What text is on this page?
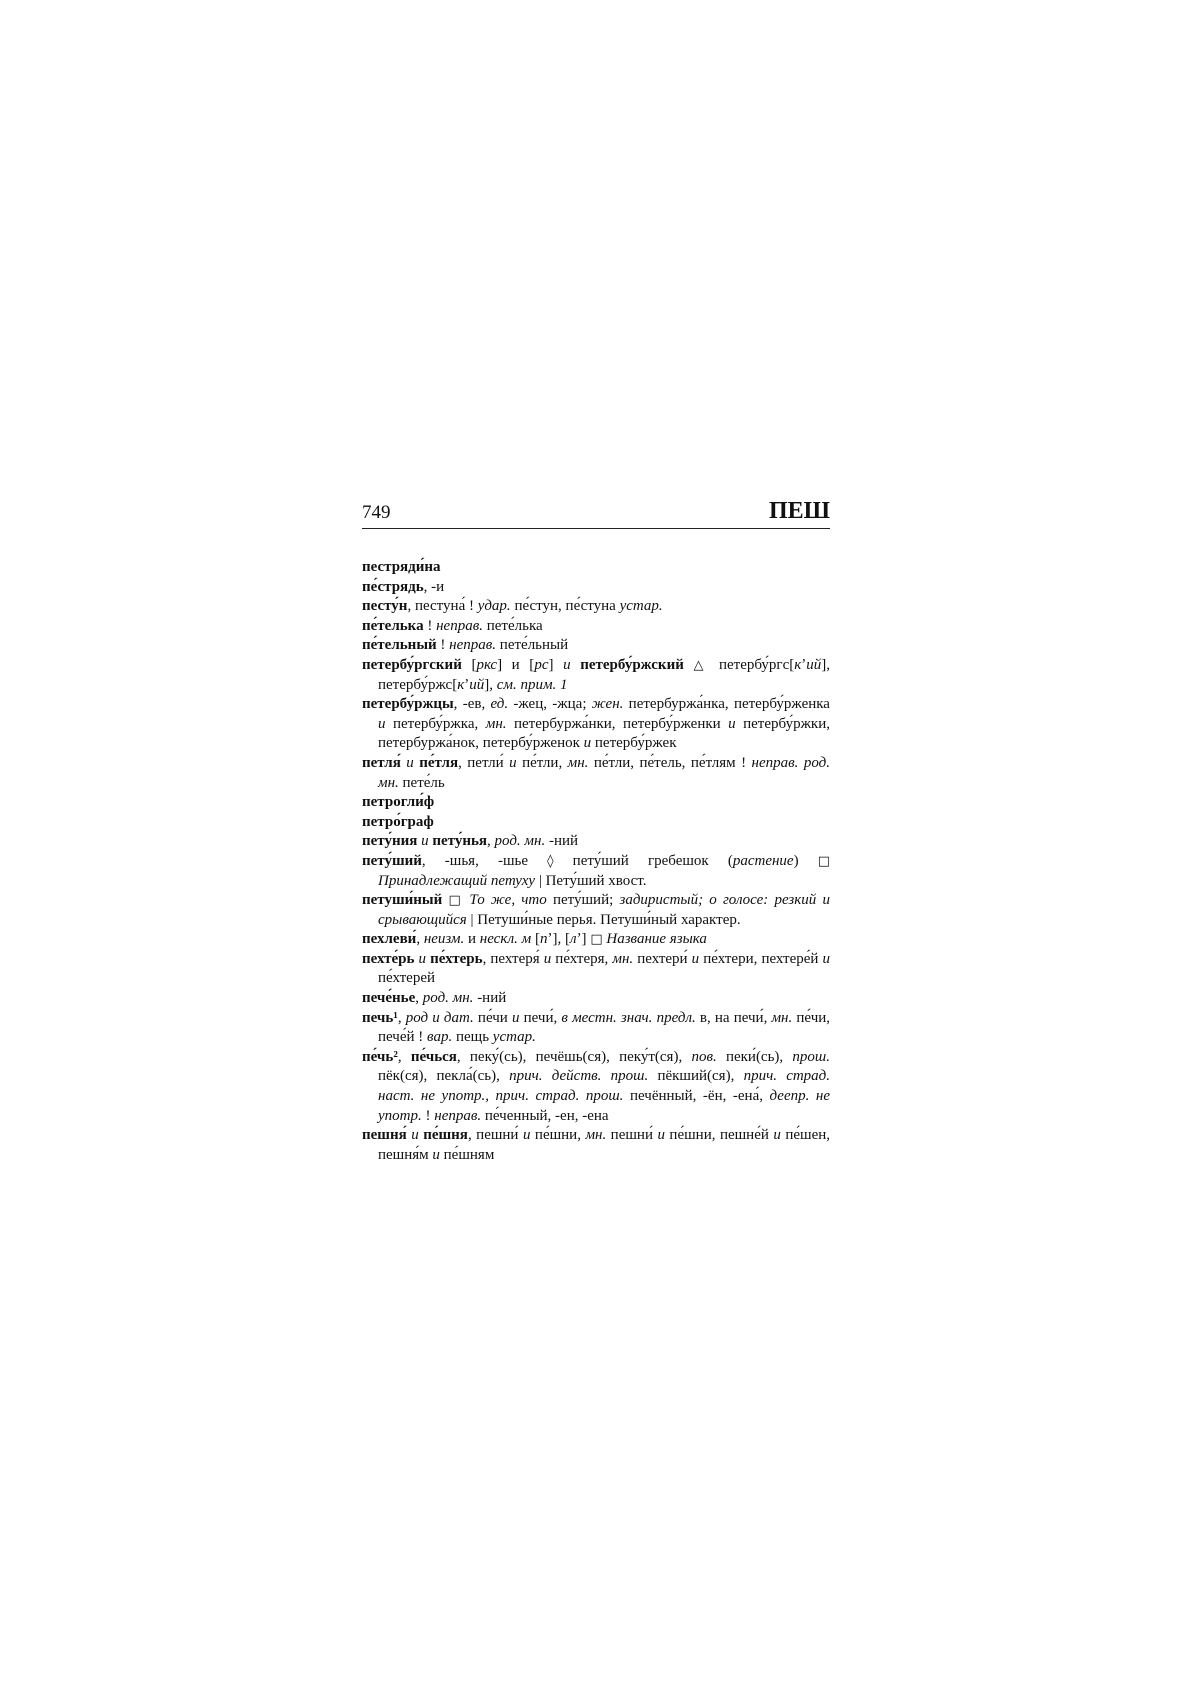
749	ПЕШ

пестряди́на

пе́стрядь, -и

песту́н, пестуна́ ! удар. пе́стун, пе́стуна устар.

пе́телька ! неправ. пете́лька

пе́тельный ! неправ. пете́льный

петербу́ргский [ркс] и [рс] и петербу́ржский △ петербу́ргс[кʼий], петербу́ржс[кʼий], см. прим. 1

петербу́ржцы, -ев, ед. -жец, -жца; жен. петербуржа́нка, петербу́рженка и петербу́ржка, мн. петербуржа́нки, петербу́рженки и петербу́ржки, петербуржа́нок, петербу́рженок и петербу́ржек

петля́ и пе́тля, петли́ и пе́тли, мн. пе́тли, пе́тель, пе́тлям ! неправ. род. мн. пете́ль

петрогли́ф

петро́граф

пету́ния и пету́нья, род. мн. -ний

пету́ший, -шья, -шье ◊ пету́ший гребешок (растение) □ Принадлежащий петуху | Пету́ший хвост.

петуши́ный □ То же, что пету́ший; задиристый; о голосе: резкий и срывающийся | Петуши́ные перья. Петуши́ный характер.

пехлеви́, неизм. и нескл. м [пʼ], [лʼ] □ Название языка

пехте́рь и пе́хтерь, пехтеря́ и пе́хтеря, мн. пехтери́ и пе́хтери, пехтере́й и пе́хтерей

пече́нье, род. мн. -ний

печь¹, род и дат. пе́чи и печи́, в местн. знач. предл. в, на печи́, мн. пе́чи, пече́й ! вар. пещь устар.

пе́чь², пе́чься, пеку́(сь), печёшь(ся), пеку́т(ся), пов. пеки́(сь), прош. пёк(ся), пекла́(сь), прич. действ. прош. пёкший(ся), прич. страд. наст. не употр., прич. страд. прош. печённый, -ён, -ена́, деепр. не употр. ! неправ. пе́ченный, -ен, -ена

пешня́ и пе́шня, пешни́ и пе́шни, мн. пешни́ и пе́шни, пешне́й и пе́шен, пешня́м и пе́шням
